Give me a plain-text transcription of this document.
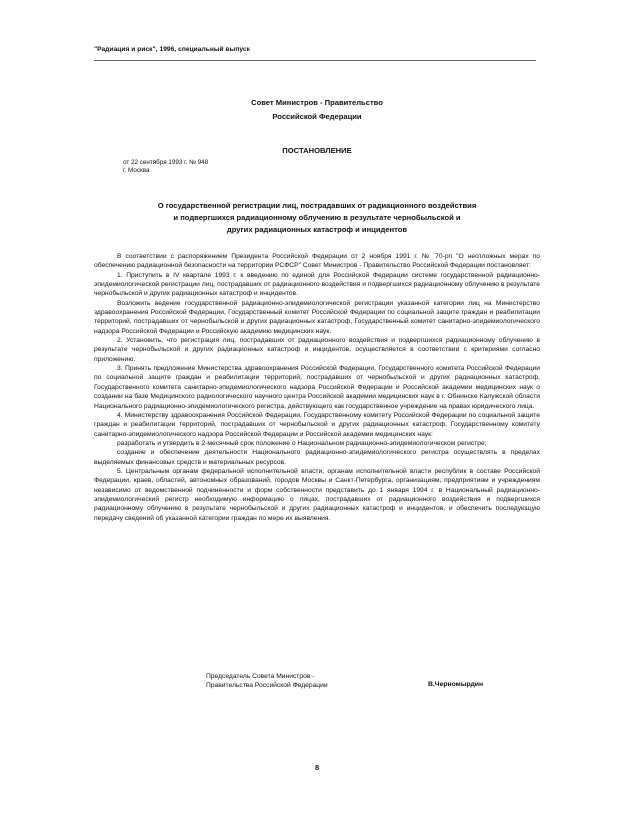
"Радиация и риск", 1996, специальный выпуск
Совет Министров - Правительство
Российской Федерации
ПОСТАНОВЛЕНИЕ
от 22 сентября 1993 г. № 948
г. Москва
О государственной регистрации лиц, пострадавших от радиационного воздействия
и подвергшихся радиационному облучению в результате чернобыльской и
других радиационных катастроф и инцидентов

В соответствии с распоряжением Президента Российской Федерации от 2 ноября 1991 г. № 70-рп "О неотложных мерах по обеспечению радиационной безопасности на территории РСФСР" Совет Министров - Правительство Российской Федерации постановляет:

1. Приступить в IV квартале 1993 г. к введению по единой для Российской Федерации системе государственной радиационно-эпидемиологической регистрации лиц, пострадавших от радиационного воздействия и подвергшихся радиационному облучению в результате чернобыльской и других радиационных катастроф и инцидентов.

Возложить ведение государственной радиационно-эпидемиологической регистрации указанной категории лиц на Министерство здравоохранения Российской Федерации, Государственный комитет Российской Федерации по социальной защите граждан и реабилитации территорий, пострадавших от чернобыльской и других радиационных катастроф, Государственный комитет санитарно-эпидемиологического надзора Российской Федерации и Российскую академию медицинских наук.

2. Установить, что регистрация лиц, пострадавших от радиационного воздействия и подвергшихся радиационному облучению в результате чернобыльской и других радиационных катастроф и инцидентов, осуществляется в соответствии с критериями согласно приложению.

3. Принять предложение Министерства здравоохранения Российской Федерации, Государственного комитета Российской Федерации по социальной защите граждан и реабилитации территорий, пострадавших от чернобыльской и других радиационных катастроф, Государственного комитета санитарно-эпидемиологического надзора Российской Федерации и Российской академии медицинских наук о создании на базе Медицинского радиологического научного центра Российской академии медицинских наук в г. Обнинске Калужской области Национального радиационно-эпидемиологического регистра, действующего как государственное учреждение на правах юридического лица.

4. Министерству здравоохранения Российской Федерации, Государственному комитету Российской Федерации по социальной защите граждан и реабилитации территорий, пострадавших от чернобыльской и других радиационных катастроф, Государственному комитету санитарно-эпидемиологического надзора Российской Федерации и Российской академии медицинских наук:

разработать и утвердить в 2-месячный срок положение о Национальном радиационно-эпидемиологическом регистре;

создание и обеспечение деятельности Национального радиационно-эпидемиологического регистра осуществлять в пределах выделяемых финансовых средств и материальных ресурсов.

5. Центральным органам федеральной исполнительной власти, органам исполнительной власти республик в составе Российской Федерации, краев, областей, автономных образований, городов Москвы и Санкт-Петербурга, организациям, предприятиям и учреждениям независимо от ведомственной подчиненности и форм собственности представить до 1 января 1994 г. в Национальный радиационно-эпидемиологический регистр необходимую информацию о лицах, пострадавших от радиационного воздействия и подвергшихся радиационному облучению в результате чернобыльской и других радиационных катастроф и инцидентов, и обеспечить последующую передачу сведений об указанной категории граждан по мере их выявления.

Председатель Совета Министров -
Правительства Российской Федерации	В.Черномырдин
8
